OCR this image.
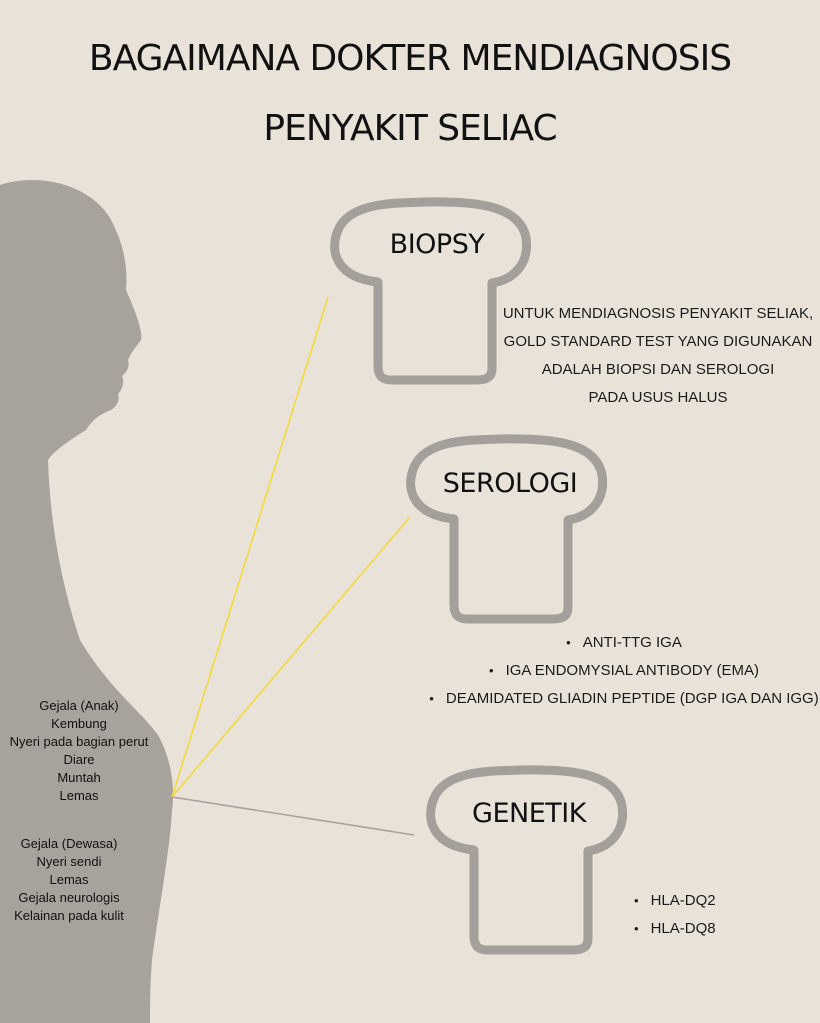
BAGAIMANA DOKTER MENDIAGNOSIS
PENYAKIT SELIAC
BIOPSY
SEROLOGI
GENETIK
UNTUK MENDIAGNOSIS PENYAKIT SELIAK,
GOLD STANDARD TEST YANG DIGUNAKAN
ADALAH BIOPSI DAN SEROLOGI
PADA USUS HALUS
• ANTI-TTG IGA
• IGA ENDOMYSIAL ANTIBODY (EMA)
• DEAMIDATED GLIADIN PEPTIDE (DGP IGA DAN IGG)
• HLA-DQ2
• HLA-DQ8
Gejala (Anak)
Kembung
Nyeri pada bagian perut
Diare
Muntah
Lemas
Gejala (Dewasa)
Nyeri sendi
Lemas
Gejala neurologis
Kelainan pada kulit
